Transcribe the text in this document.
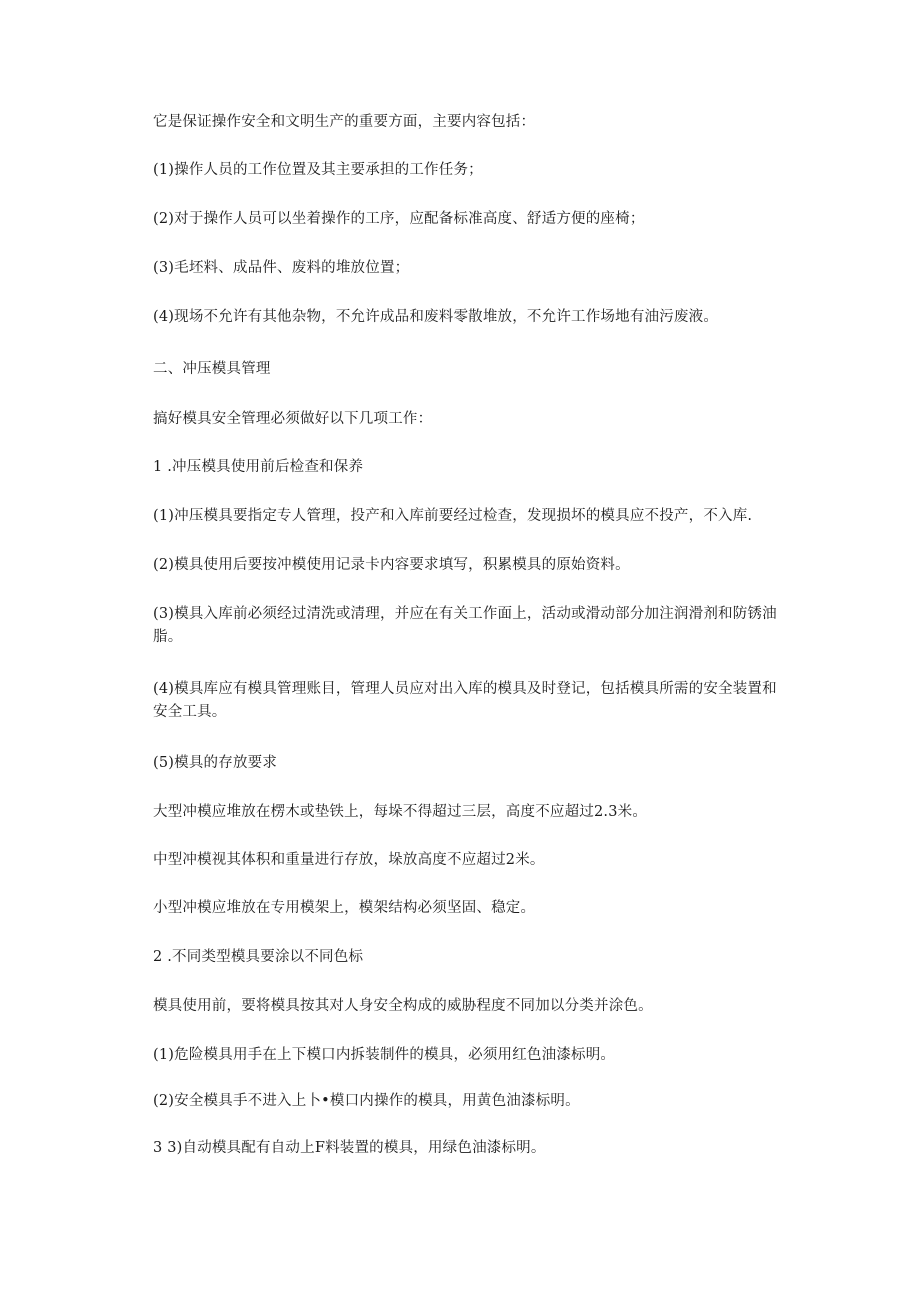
它是保证操作安全和文明生产的重要方面，主要内容包括：

(1)操作人员的工作位置及其主要承担的工作任务；

(2)对于操作人员可以坐着操作的工序，应配备标准高度、舒适方便的座椅；

(3)毛坯料、成品件、废料的堆放位置；

(4)现场不允许有其他杂物，不允许成品和废料零散堆放，不允许工作场地有油污废液。

二、冲压模具管理

搞好模具安全管理必须做好以下几项工作：

1 .冲压模具使用前后检查和保养

(1)冲压模具要指定专人管理，投产和入库前要经过检查，发现损坏的模具应不投产，不入库.

(2)模具使用后要按冲模使用记录卡内容要求填写，积累模具的原始资料。

(3)模具入库前必须经过清洗或清理，并应在有关工作面上，活动或滑动部分加注润滑剂和防锈油脂。

(4)模具库应有模具管理账目，管理人员应对出入库的模具及时登记，包括模具所需的安全装置和安全工具。

(5)模具的存放要求

大型冲模应堆放在楞木或垫铁上，每垛不得超过三层，高度不应超过2.3米。

中型冲模视其体积和重量进行存放，垛放高度不应超过2米。

小型冲模应堆放在专用模架上，模架结构必须坚固、稳定。

2 .不同类型模具要涂以不同色标

模具使用前，要将模具按其对人身安全构成的威胁程度不同加以分类并涂色。

(1)危险模具用手在上下模口内拆装制件的模具，必须用红色油漆标明。

(2)安全模具手不进入上卜•模口内操作的模具，用黄色油漆标明。

3 3)自动模具配有自动上F料装置的模具，用绿色油漆标明。
